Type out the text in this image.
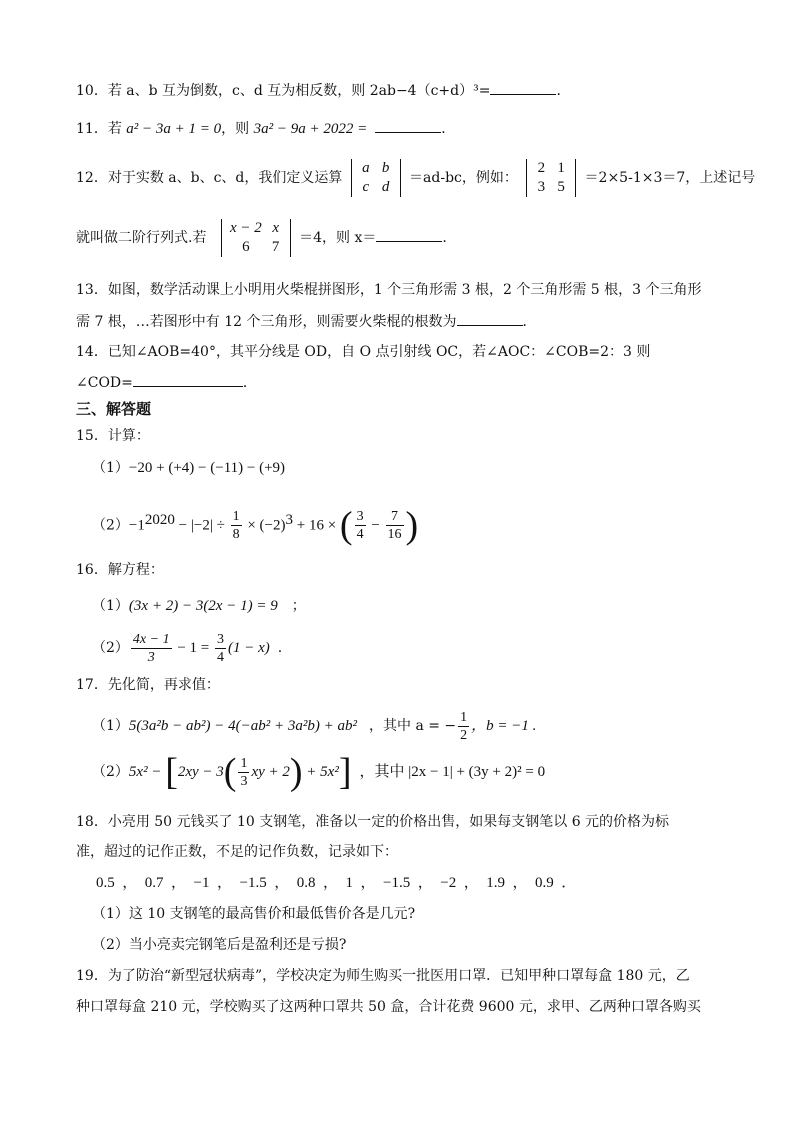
10．若 a、b 互为倒数，c、d 互为相反数，则 2ab−4（c+d）³=	．
11．若 a² − 3a + 1 = 0，则 3a² − 9a + 2022 =	．
12．对于实数 a、b、c、d，我们定义运算
a b
c d
＝ad-bc，例如：
2 1
3 5
＝2×5-1×3＝7，上述记号
就叫做二阶行列式.若
x − 2 x
6 7
＝4，则 x＝	.
13．如图，数学活动课上小明用火柴棍拼图形，1 个三角形需 3 根，2 个三角形需 5 根，3 个三角形
需 7 根，…若图形中有 12 个三角形，则需要火柴棍的根数为	．
14．已知∠AOB=40°，其平分线是 OD，自 O 点引射线 OC，若∠AOC：∠COB=2：3 则
∠COD=	．
三、解答题
15．计算：
（1）−20 + (+4) − (−11) − (+9)
$(2)-1^{2020} - |-2| \div \frac{1}{8} \times (-2)^3 + 16$ × ( $\frac{3}{4} - \frac{7}{16}$ )
16．解方程：
（1）(3x + 2) − 3(2x − 1) = 9 ；
$(2) \frac{4x - 1}{3} - 1 = \frac{3}{4} (1 - x)$ .
17．先化简，再求值：
（1）5(3a²b − ab²) − 4(−ab² + 3a²b) + ab² ，其中 a = − $\frac{1}{2}$ ，b = −1 .
$(2)5x^2 - [2xy - 3( \frac{1}{3}$ xy + 2) + 5x²] ，其中 |2x − 1| + (3y + 2)² = 0
18．小亮用 50 元钱买了 10 支钢笔，准备以一定的价格出售，如果每支钢笔以 6 元的价格为标
准，超过的记作正数，不足的记作负数，记录如下：
0.5  ，  0.7  ，  −1  ，  −1.5  ，  0.8  ，  1  ，  −1.5  ，  −2  ，  1.9  ，  0.9 ．
（1）这 10 支钢笔的最高售价和最低售价各是几元?
（2）当小亮卖完钢笔后是盈利还是亏损?
19．为了防治“新型冠状病毒”，学校决定为师生购买一批医用口罩．已知甲种口罩每盒 180 元，乙
种口罩每盒 210 元，学校购买了这两种口罩共 50 盒，合计花费 9600 元，求甲、乙两种口罩各购买
